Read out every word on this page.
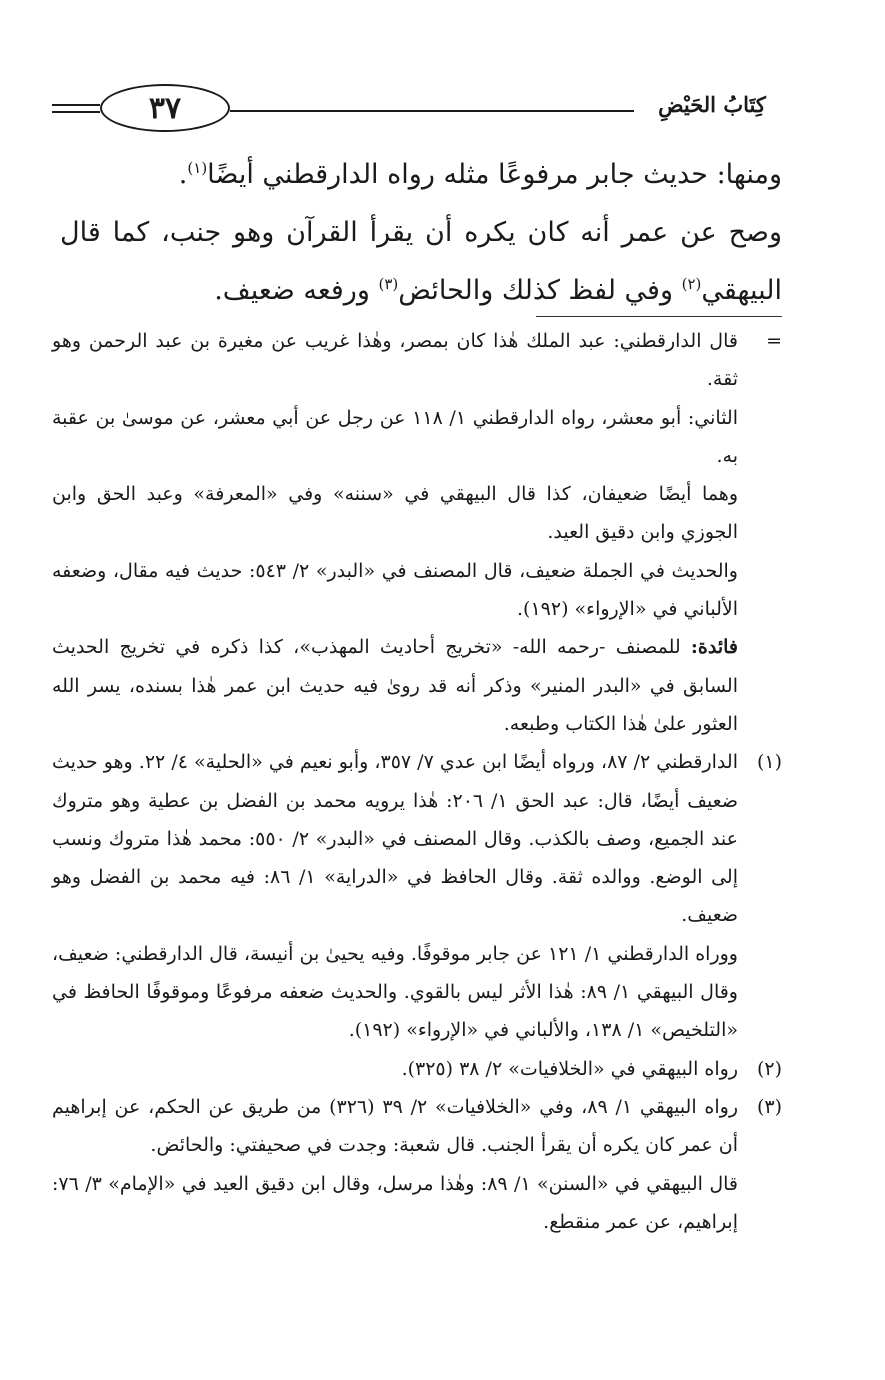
٣٧	كِتَابُ الحَيْضِ

ومنها: حديث جابر مرفوعًا مثله رواه الدارقطني أيضًا$^{(١)}$.

وصح عن عمر أنه كان يكره أن يقرأ القرآن وهو جنب، كما قال البيهقي$^{(٢)}$ وفي لفظ كذلك والحائض$^{(٣)}$ ورفعه ضعيف.

=

قال الدارقطني: عبد الملك هٰذا كان بمصر، وهٰذا غريب عن مغيرة بن عبد الرحمن وهو ثقة.

الثاني: أبو معشر، رواه الدارقطني ١/ ١١٨ عن رجل عن أبي معشر، عن موسىٰ بن عقبة به.

وهما أيضًا ضعيفان، كذا قال البيهقي في «سننه» وفي «المعرفة» وعبد الحق وابن الجوزي وابن دقيق العيد.

والحديث في الجملة ضعيف، قال المصنف في «البدر» ٢/ ٥٤٣: حديث فيه مقال، وضعفه الألباني في «الإرواء» (١٩٢).

فائدة: للمصنف -رحمه الله- «تخريج أحاديث المهذب»، كذا ذكره في تخريج الحديث السابق في «البدر المنير» وذكر أنه قد روىٰ فيه حديث ابن عمر هٰذا بسنده، يسر الله العثور علىٰ هٰذا الكتاب وطبعه.

(١)

الدارقطني ٢/ ٨٧، ورواه أيضًا ابن عدي ٧/ ٣٥٧، وأبو نعيم في «الحلية» ٤/ ٢٢. وهو حديث ضعيف أيضًا، قال: عبد الحق ١/ ٢٠٦: هٰذا يرويه محمد بن الفضل بن عطية وهو متروك عند الجميع، وصف بالكذب. وقال المصنف في «البدر» ٢/ ٥٥٠: محمد هٰذا متروك ونسب إلى الوضع. ووالده ثقة. وقال الحافظ في «الدراية» ١/ ٨٦: فيه محمد بن الفضل وهو ضعيف.

ووراه الدارقطني ١/ ١٢١ عن جابر موقوفًا. وفيه يحيىٰ بن أنيسة، قال الدارقطني: ضعيف، وقال البيهقي ١/ ٨٩: هٰذا الأثر ليس بالقوي. والحديث ضعفه مرفوعًا وموقوفًا الحافظ في «التلخيص» ١/ ١٣٨، والألباني في «الإرواء» (١٩٢).

(٢)

رواه البيهقي في «الخلافيات» ٢/ ٣٨ (٣٢٥).

(٣)

رواه البيهقي ١/ ٨٩، وفي «الخلافيات» ٢/ ٣٩ (٣٢٦) من طريق عن الحكم، عن إبراهيم أن عمر كان يكره أن يقرأ الجنب. قال شعبة: وجدت في صحيفتي: والحائض.

قال البيهقي في «السنن» ١/ ٨٩: وهٰذا مرسل، وقال ابن دقيق العيد في «الإمام» ٣/ ٧٦: إبراهيم، عن عمر منقطع.
